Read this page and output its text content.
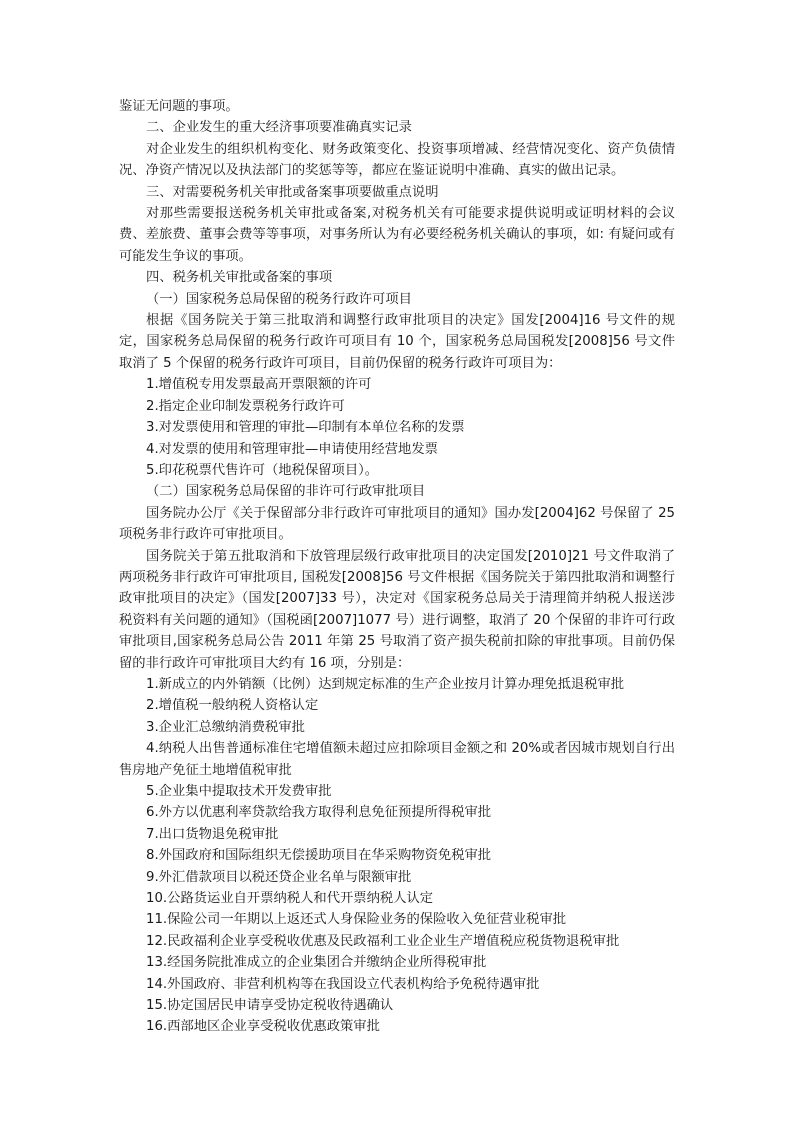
鉴证无问题的事项。

二、企业发生的重大经济事项要准确真实记录

对企业发生的组织机构变化、财务政策变化、投资事项增减、经营情况变化、资产负债情况、净资产情况以及执法部门的奖惩等等，都应在鉴证说明中准确、真实的做出记录。

三、对需要税务机关审批或备案事项要做重点说明

对那些需要报送税务机关审批或备案,对税务机关有可能要求提供说明或证明材料的会议费、差旅费、董事会费等等事项，对事务所认为有必要经税务机关确认的事项，如: 有疑问或有可能发生争议的事项。

四、税务机关审批或备案的事项

（一）国家税务总局保留的税务行政许可项目

根据《国务院关于第三批取消和调整行政审批项目的决定》国发[2004]16 号文件的规定，国家税务总局保留的税务行政许可项目有 10 个，国家税务总局国税发[2008]56 号文件取消了 5 个保留的税务行政许可项目，目前仍保留的税务行政许可项目为：

1.增值税专用发票最高开票限额的许可

2.指定企业印制发票税务行政许可

3.对发票使用和管理的审批—印制有本单位名称的发票

4.对发票的使用和管理审批—申请使用经营地发票

5.印花税票代售许可（地税保留项目）。

（二）国家税务总局保留的非许可行政审批项目

国务院办公厅《关于保留部分非行政许可审批项目的通知》国办发[2004]62 号保留了 25项税务非行政许可审批项目。

国务院关于第五批取消和下放管理层级行政审批项目的决定国发[2010]21 号文件取消了两项税务非行政许可审批项目, 国税发[2008]56 号文件根据《国务院关于第四批取消和调整行政审批项目的决定》（国发[2007]33 号），决定对《国家税务总局关于清理简并纳税人报送涉税资料有关问题的通知》（国税函[2007]1077 号）进行调整，取消了 20 个保留的非许可行政审批项目,国家税务总局公告 2011 年第 25 号取消了资产损失税前扣除的审批事项。目前仍保留的非行政许可审批项目大约有 16 项，分别是：

1.新成立的内外销额（比例）达到规定标准的生产企业按月计算办理免抵退税审批

2.增值税一般纳税人资格认定

3.企业汇总缴纳消费税审批

4.纳税人出售普通标准住宅增值额未超过应扣除项目金额之和 20%或者因城市规划自行出售房地产免征土地增值税审批

5.企业集中提取技术开发费审批

6.外方以优惠利率贷款给我方取得利息免征预提所得税审批

7.出口货物退免税审批

8.外国政府和国际组织无偿援助项目在华采购物资免税审批

9.外汇借款项目以税还贷企业名单与限额审批

10.公路货运业自开票纳税人和代开票纳税人认定

11.保险公司一年期以上返还式人身保险业务的保险收入免征营业税审批

12.民政福利企业享受税收优惠及民政福利工业企业生产增值税应税货物退税审批

13.经国务院批准成立的企业集团合并缴纳企业所得税审批

14.外国政府、非营利机构等在我国设立代表机构给予免税待遇审批

15.协定国居民申请享受协定税收待遇确认

16.西部地区企业享受税收优惠政策审批
